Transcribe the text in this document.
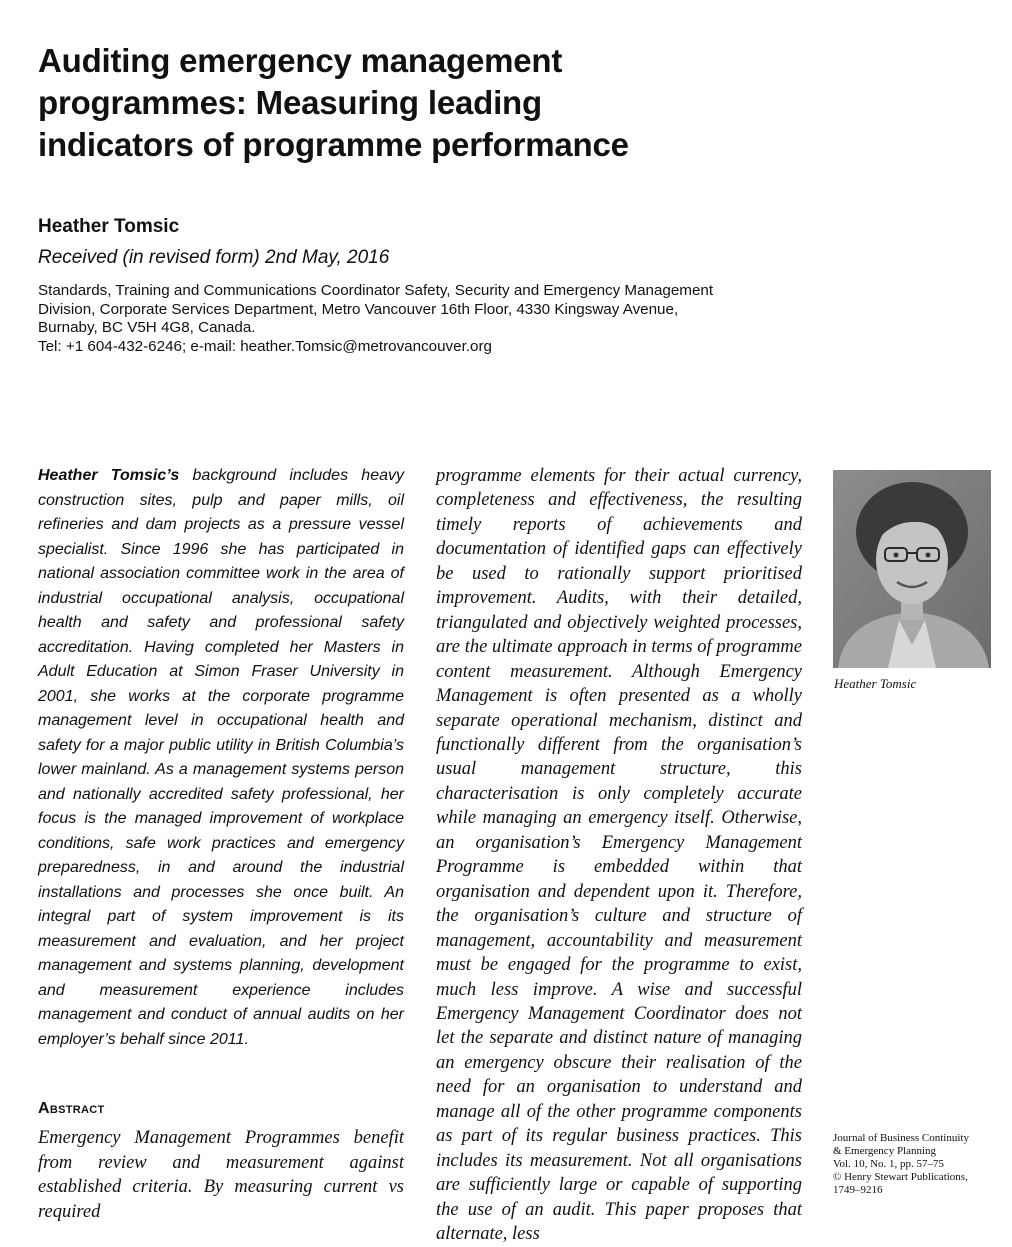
Auditing emergency management
programmes: Measuring leading
indicators of programme performance
Heather Tomsic
Received (in revised form) 2nd May, 2016
Standards, Training and Communications Coordinator Safety, Security and Emergency Management
Division, Corporate Services Department, Metro Vancouver 16th Floor, 4330 Kingsway Avenue,
Burnaby, BC V5H 4G8, Canada.
Tel: +1 604-432-6246; e-mail: heather.Tomsic@metrovancouver.org
Heather Tomsic’s background includes heavy construction sites, pulp and paper mills, oil refineries and dam projects as a pressure vessel specialist. Since 1996 she has participated in national association committee work in the area of industrial occupational analysis, occupational health and safety and professional safety accreditation. Having completed her Masters in Adult Education at Simon Fraser University in 2001, she works at the corporate programme management level in occupational health and safety for a major public utility in British Columbia’s lower mainland. As a management systems person and nationally accredited safety professional, her focus is the managed improvement of workplace conditions, safe work practices and emergency preparedness, in and around the industrial installations and processes she once built. An integral part of system improvement is its measurement and evaluation, and her project management and systems planning, development and measurement experience includes management and conduct of annual audits on her employer’s behalf since 2011.
Abstract
Emergency Management Programmes benefit from review and measurement against established criteria. By measuring current vs required
programme elements for their actual currency, completeness and effectiveness, the resulting timely reports of achievements and documentation of identified gaps can effectively be used to rationally support prioritised improvement. Audits, with their detailed, triangulated and objectively weighted processes, are the ultimate approach in terms of programme content measurement. Although Emergency Management is often presented as a wholly separate operational mechanism, distinct and functionally different from the organisation’s usual management structure, this characterisation is only completely accurate while managing an emergency itself. Otherwise, an organisation’s Emergency Management Programme is embedded within that organisation and dependent upon it. Therefore, the organisation’s culture and structure of management, accountability and measurement must be engaged for the programme to exist, much less improve. A wise and successful Emergency Management Coordinator does not let the separate and distinct nature of managing an emergency obscure their realisation of the need for an organisation to understand and manage all of the other programme components as part of its regular business practices. This includes its measurement. Not all organisations are sufficiently large or capable of supporting the use of an audit. This paper proposes that alternate, less
Heather Tomsic
Journal of Business Continuity
& Emergency Planning
Vol. 10, No. 1, pp. 57–75
© Henry Stewart Publications,
1749–9216
